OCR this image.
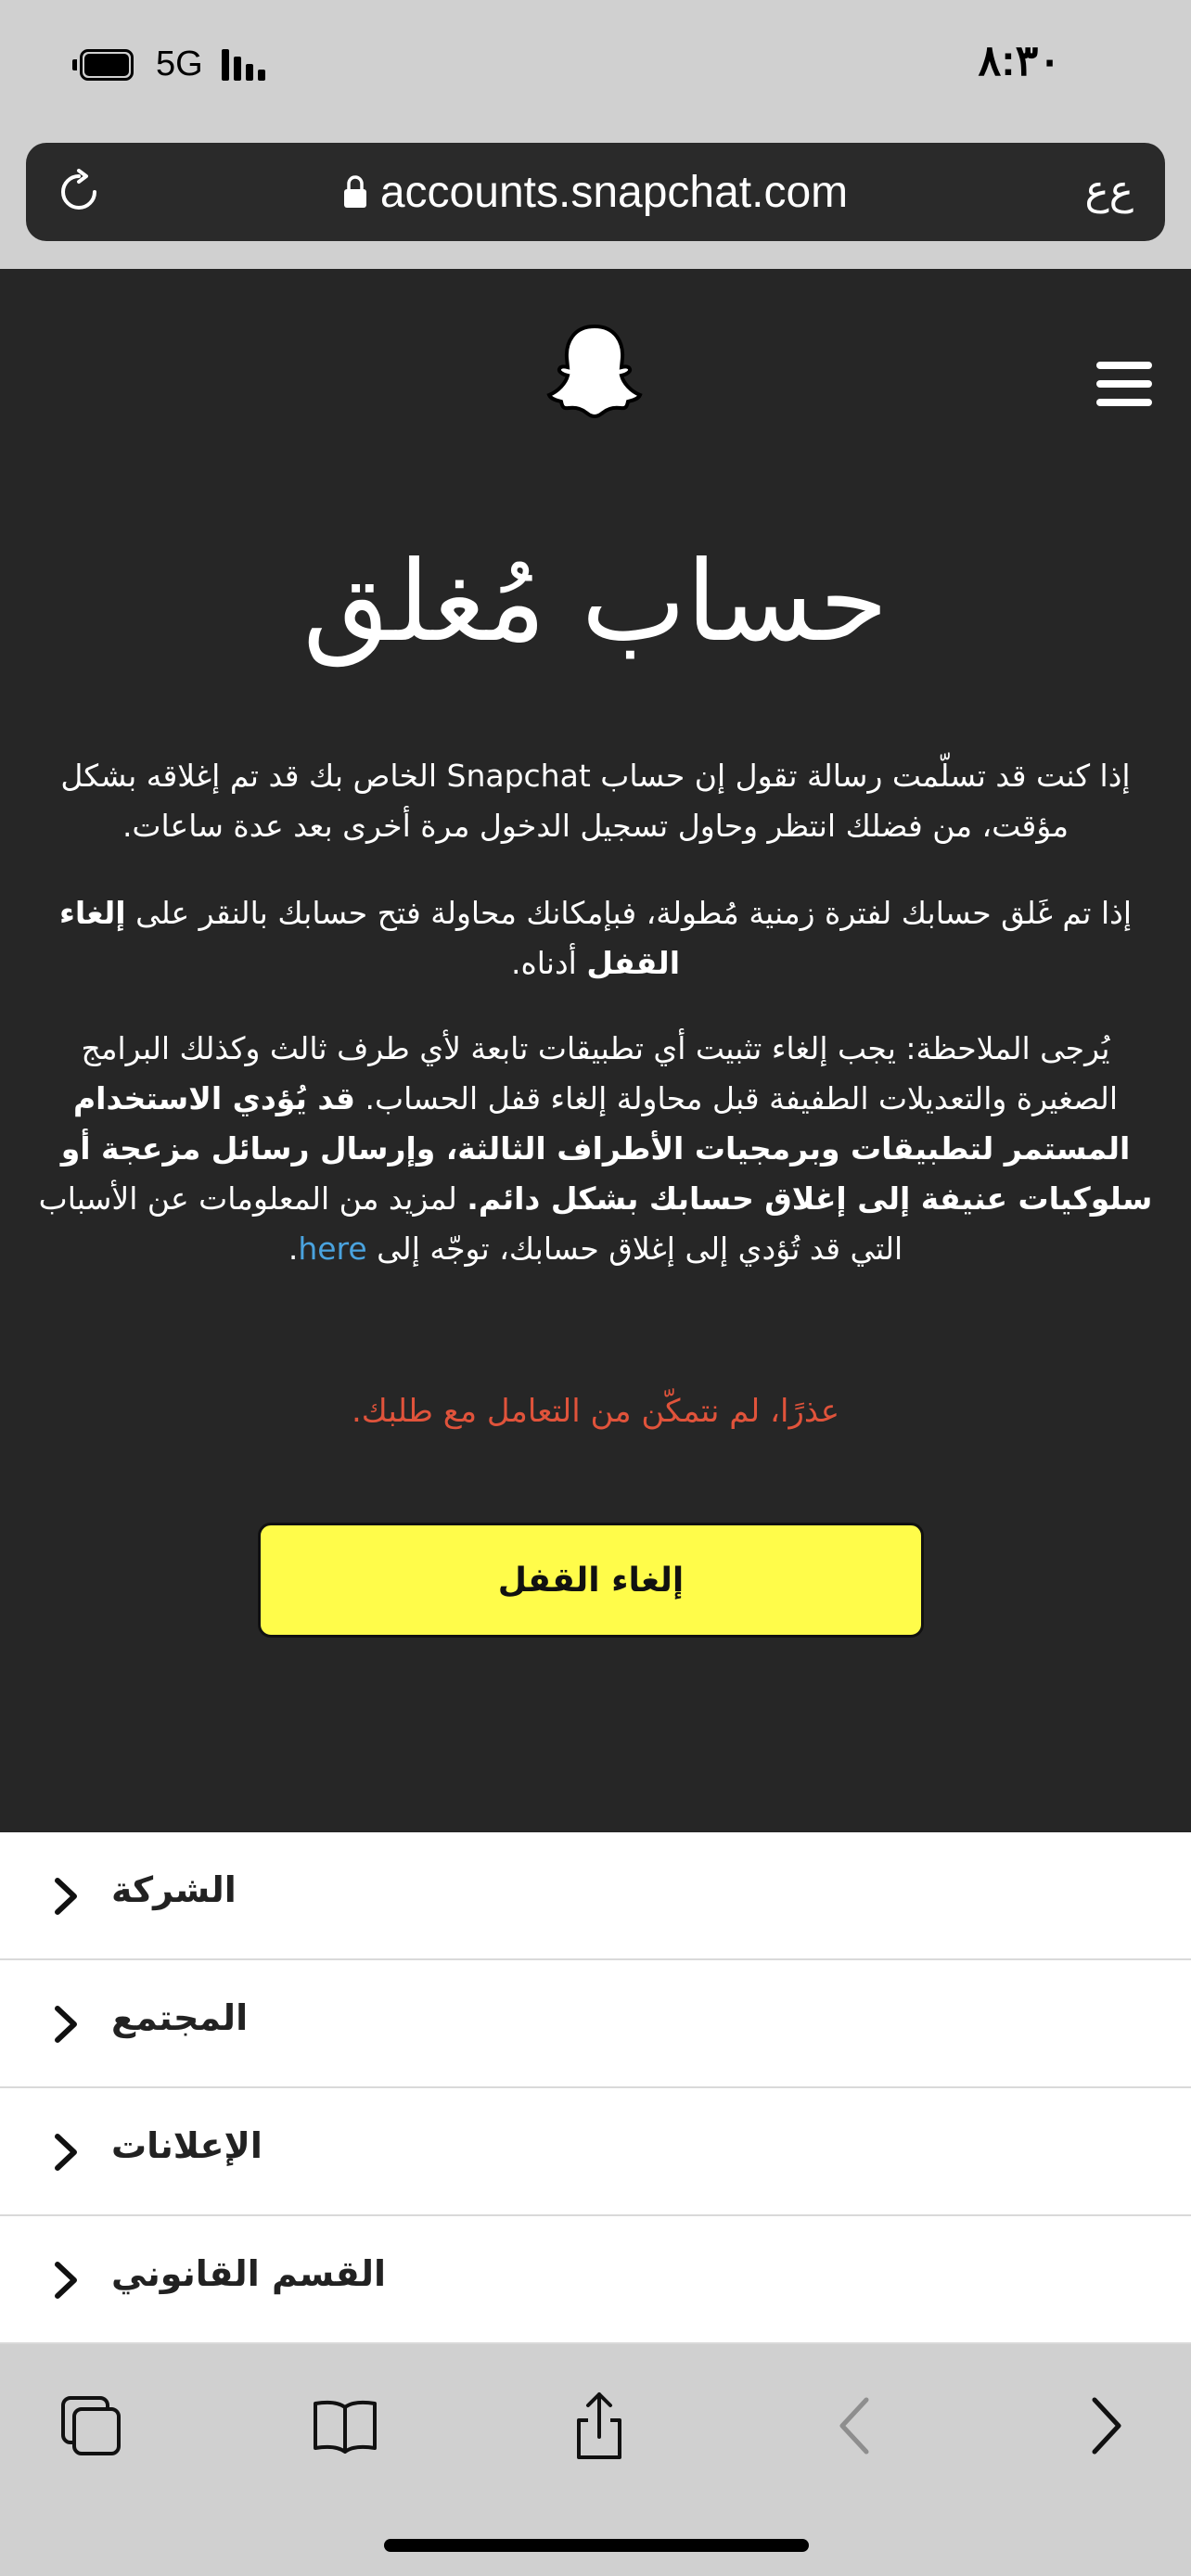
5G	٨:٣٠
accounts.snapchat.com	ﻉﻉ
حساب مُغلق
إذا كنت قد تسلّمت رسالة تقول إن حساب Snapchat الخاص بك قد تم إغلاقه بشكل مؤقت، من فضلك انتظر وحاول تسجيل الدخول مرة أخرى بعد عدة ساعات.
إذا تم غَلق حسابك لفترة زمنية مُطولة، فبإمكانك محاولة فتح حسابك بالنقر على إلغاء القفل أدناه.
يُرجى الملاحظة: يجب إلغاء تثبيت أي تطبيقات تابعة لأي طرف ثالث وكذلك البرامج الصغيرة والتعديلات الطفيفة قبل محاولة إلغاء قفل الحساب. قد يُؤدي الاستخدام المستمر لتطبيقات وبرمجيات الأطراف الثالثة، وإرسال رسائل مزعجة أو سلوكيات عنيفة إلى إغلاق حسابك بشكل دائم. لمزيد من المعلومات عن الأسباب التي قد تُؤدي إلى إغلاق حسابك، توجّه إلى here.
عذرًا، لم نتمكّن من التعامل مع طلبك.
إلغاء القفل
الشركة
المجتمع
الإعلانات
القسم القانوني
